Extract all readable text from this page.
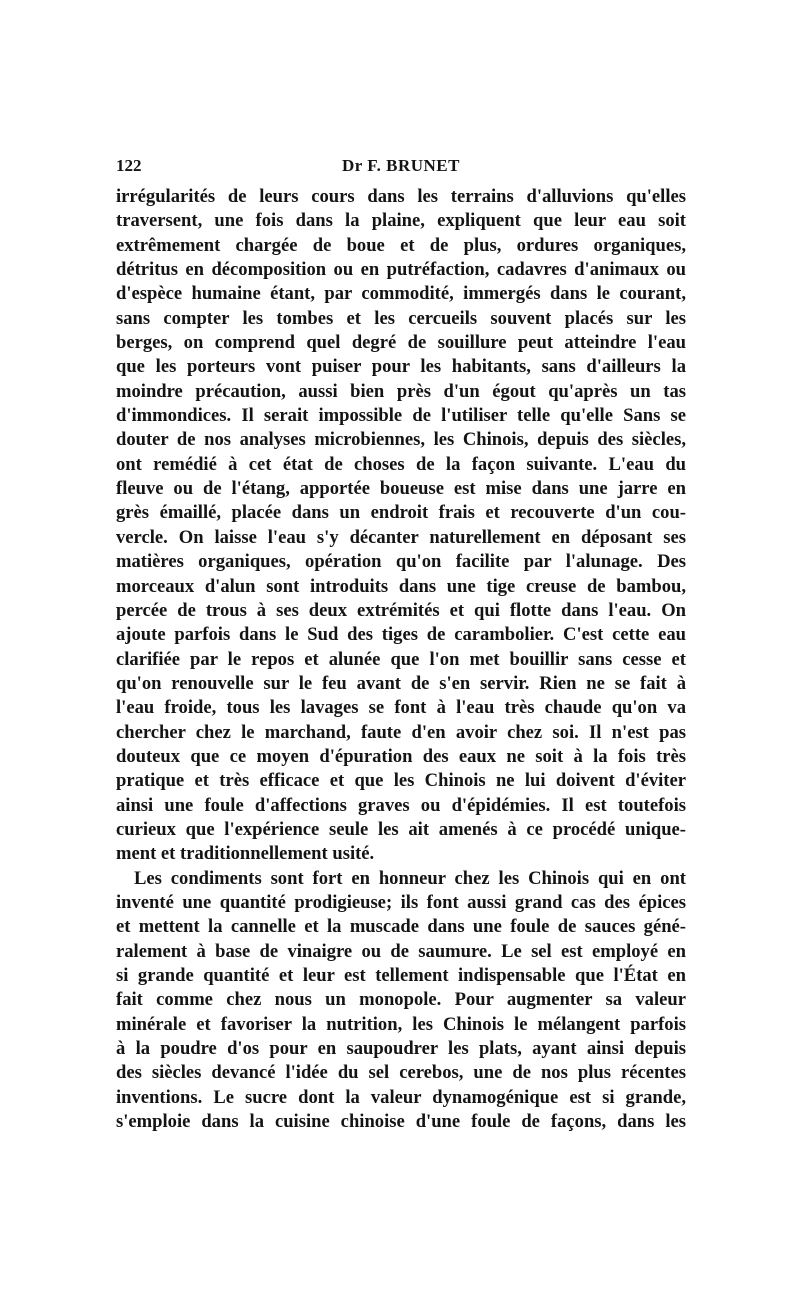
122	Dr F. BRUNET
irrégularités de leurs cours dans les terrains d'alluvions qu'elles
traversent, une fois dans la plaine, expliquent que leur eau soit
extrêmement chargée de boue et de plus, ordures organiques,
détritus en décomposition ou en putréfaction, cadavres d'animaux ou
d'espèce humaine étant, par commodité, immergés dans le courant,
sans compter les tombes et les cercueils souvent placés sur les
berges, on comprend quel degré de souillure peut atteindre l'eau
que les porteurs vont puiser pour les habitants, sans d'ailleurs la
moindre précaution, aussi bien près d'un égout qu'après un tas
d'immondices. Il serait impossible de l'utiliser telle qu'elle Sans se
douter de nos analyses microbiennes, les Chinois, depuis des siècles,
ont remédié à cet état de choses de la façon suivante. L'eau du
fleuve ou de l'étang, apportée boueuse est mise dans une jarre en
grès émaillé, placée dans un endroit frais et recouverte d'un cou-
vercle. On laisse l'eau s'y décanter naturellement en déposant ses
matières organiques, opération qu'on facilite par l'alunage. Des
morceaux d'alun sont introduits dans une tige creuse de bambou,
percée de trous à ses deux extrémités et qui flotte dans l'eau. On
ajoute parfois dans le Sud des tiges de carambolier. C'est cette eau
clarifiée par le repos et alunée que l'on met bouillir sans cesse et
qu'on renouvelle sur le feu avant de s'en servir. Rien ne se fait à
l'eau froide, tous les lavages se font à l'eau très chaude qu'on va
chercher chez le marchand, faute d'en avoir chez soi. Il n'est pas
douteux que ce moyen d'épuration des eaux ne soit à la fois très
pratique et très efficace et que les Chinois ne lui doivent d'éviter
ainsi une foule d'affections graves ou d'épidémies. Il est toutefois
curieux que l'expérience seule les ait amenés à ce procédé unique-
ment et traditionnellement usité.
Les condiments sont fort en honneur chez les Chinois qui en ont
inventé une quantité prodigieuse; ils font aussi grand cas des épices
et mettent la cannelle et la muscade dans une foule de sauces géné-
ralement à base de vinaigre ou de saumure. Le sel est employé en
si grande quantité et leur est tellement indispensable que l'État en
fait comme chez nous un monopole. Pour augmenter sa valeur
minérale et favoriser la nutrition, les Chinois le mélangent parfois
à la poudre d'os pour en saupoudrer les plats, ayant ainsi depuis
des siècles devancé l'idée du sel cerebos, une de nos plus récentes
inventions. Le sucre dont la valeur dynamogénique est si grande,
s'emploie dans la cuisine chinoise d'une foule de façons, dans les
